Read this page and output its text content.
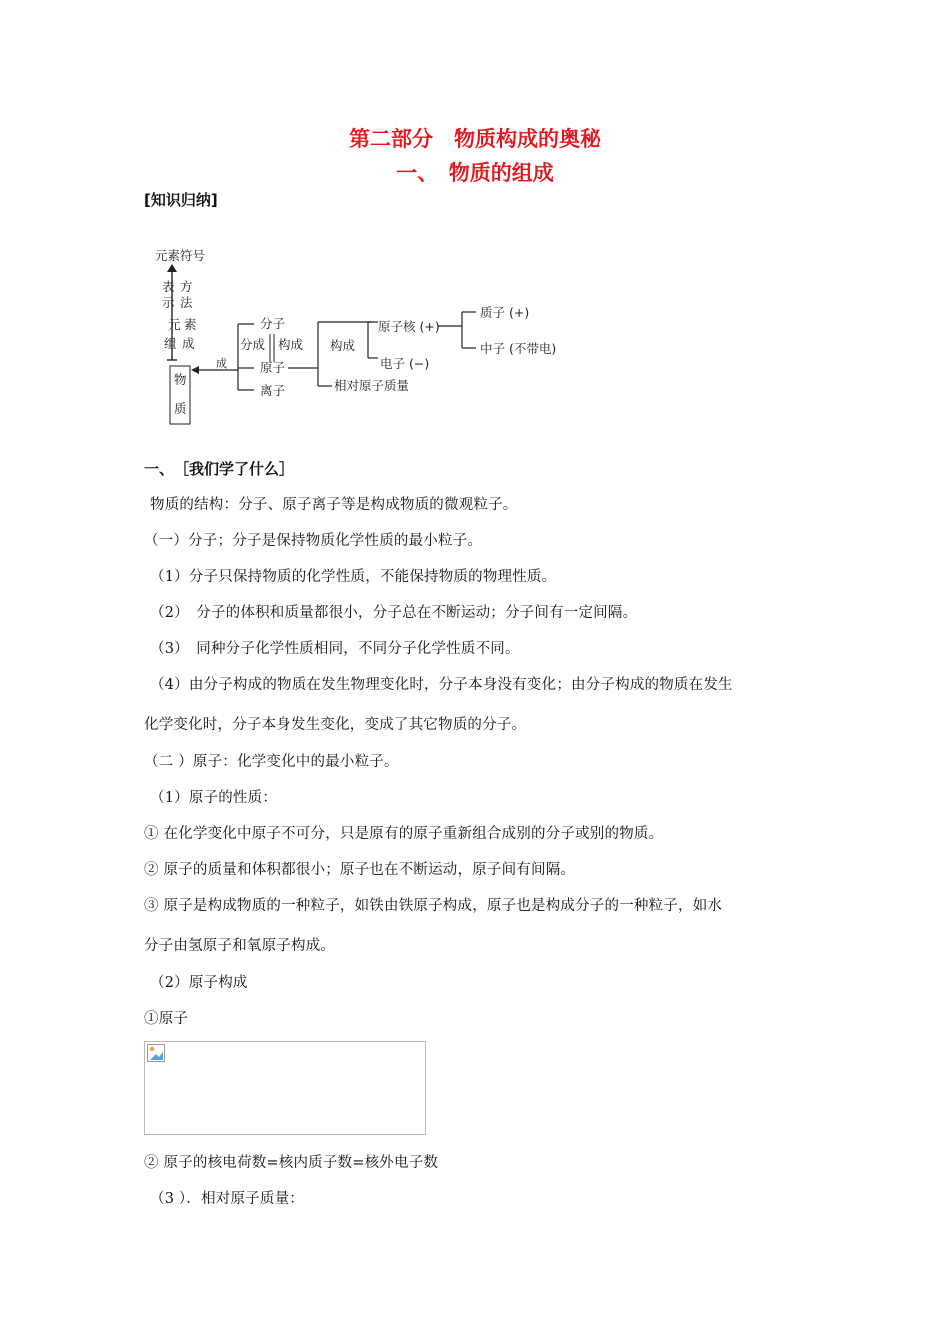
第二部分　物质构成的奥秘
一、　物质的组成
[知识归纳]
元素符号
表
示
方
法
元 素
组 成
物
质
成
分子
分成 构成
原子
离子
构成
原子核 (+)
电子 (−)
相对原子质量
质子 (+)
中子 (不带电)
一、　［我们学了什么］
物质的结构：分子、原子离子等是构成物质的微观粒子。
（一）分子；分子是保持物质化学性质的最小粒子。
（1）分子只保持物质的化学性质，不能保持物质的物理性质。
（2）　分子的体积和质量都很小，分子总在不断运动；分子间有一定间隔。
（3）　同种分子化学性质相同，不同分子化学性质不同。
（4）由分子构成的物质在发生物理变化时，分子本身没有变化；由分子构成的物质在发生
化学变化时，分子本身发生变化，变成了其它物质的分子。
（二 ）原子：化学变化中的最小粒子。
（1）原子的性质：
① 在化学变化中原子不可分，只是原有的原子重新组合成别的分子或别的物质。
② 原子的质量和体积都很小；原子也在不断运动，原子间有间隔。
③ 原子是构成物质的一种粒子，如铁由铁原子构成，原子也是构成分子的一种粒子，如水
分子由氢原子和氧原子构成。
（2）原子构成
①原子
② 原子的核电荷数=核内质子数=核外电子数
（3 ）．相对原子质量：
